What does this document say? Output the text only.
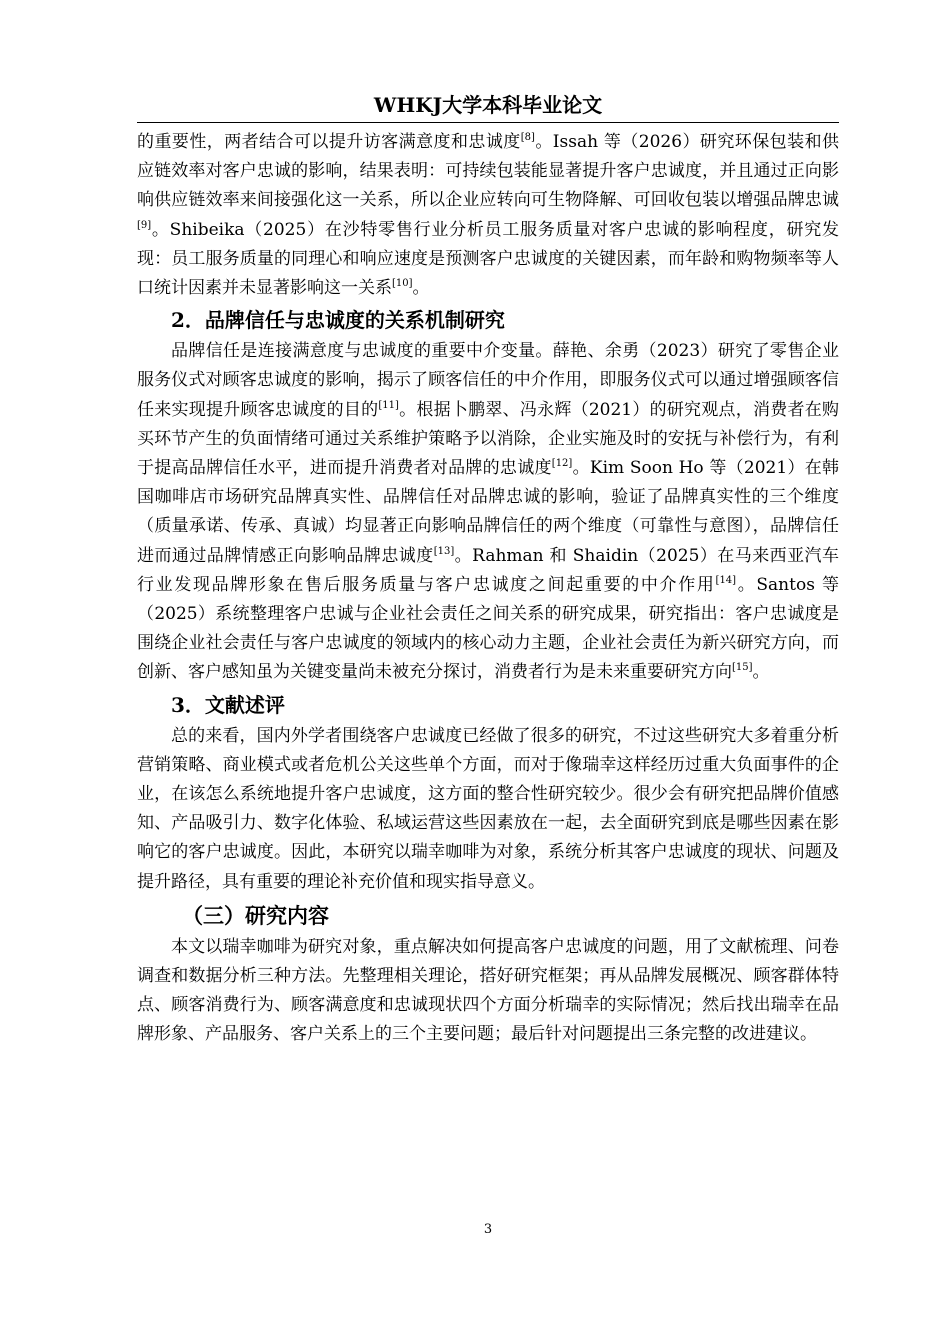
WHKJ大学本科毕业论文

的重要性，两者结合可以提升访客满意度和忠诚度[8]。Issah 等（2026）研究环保包装和供应链效率对客户忠诚的影响，结果表明：可持续包装能显著提升客户忠诚度，并且通过正向影响供应链效率来间接强化这一关系，所以企业应转向可生物降解、可回收包装以增强品牌忠诚[9]。Shibeika（2025）在沙特零售行业分析员工服务质量对客户忠诚的影响程度，研究发现：员工服务质量的同理心和响应速度是预测客户忠诚度的关键因素，而年龄和购物频率等人口统计因素并未显著影响这一关系[10]。

2．品牌信任与忠诚度的关系机制研究

品牌信任是连接满意度与忠诚度的重要中介变量。薛艳、余勇（2023）研究了零售企业服务仪式对顾客忠诚度的影响，揭示了顾客信任的中介作用，即服务仪式可以通过增强顾客信任来实现提升顾客忠诚度的目的[11]。根据卜鹏翠、冯永辉（2021）的研究观点，消费者在购买环节产生的负面情绪可通过关系维护策略予以消除，企业实施及时的安抚与补偿行为，有利于提高品牌信任水平，进而提升消费者对品牌的忠诚度[12]。Kim Soon Ho 等（2021）在韩国咖啡店市场研究品牌真实性、品牌信任对品牌忠诚的影响，验证了品牌真实性的三个维度（质量承诺、传承、真诚）均显著正向影响品牌信任的两个维度（可靠性与意图），品牌信任进而通过品牌情感正向影响品牌忠诚度[13]。Rahman 和 Shaidin（2025）在马来西亚汽车行业发现品牌形象在售后服务质量与客户忠诚度之间起重要的中介作用[14]。Santos 等（2025）系统整理客户忠诚与企业社会责任之间关系的研究成果，研究指出：客户忠诚度是围绕企业社会责任与客户忠诚度的领域内的核心动力主题，企业社会责任为新兴研究方向，而创新、客户感知虽为关键变量尚未被充分探讨，消费者行为是未来重要研究方向[15]。

3．文献述评

总的来看，国内外学者围绕客户忠诚度已经做了很多的研究，不过这些研究大多着重分析营销策略、商业模式或者危机公关这些单个方面，而对于像瑞幸这样经历过重大负面事件的企业，在该怎么系统地提升客户忠诚度，这方面的整合性研究较少。很少会有研究把品牌价值感知、产品吸引力、数字化体验、私域运营这些因素放在一起，去全面研究到底是哪些因素在影响它的客户忠诚度。因此，本研究以瑞幸咖啡为对象，系统分析其客户忠诚度的现状、问题及提升路径，具有重要的理论补充价值和现实指导意义。

（三）研究内容

本文以瑞幸咖啡为研究对象，重点解决如何提高客户忠诚度的问题，用了文献梳理、问卷调查和数据分析三种方法。先整理相关理论，搭好研究框架；再从品牌发展概况、顾客群体特点、顾客消费行为、顾客满意度和忠诚现状四个方面分析瑞幸的实际情况；然后找出瑞幸在品牌形象、产品服务、客户关系上的三个主要问题；最后针对问题提出三条完整的改进建议。

3
